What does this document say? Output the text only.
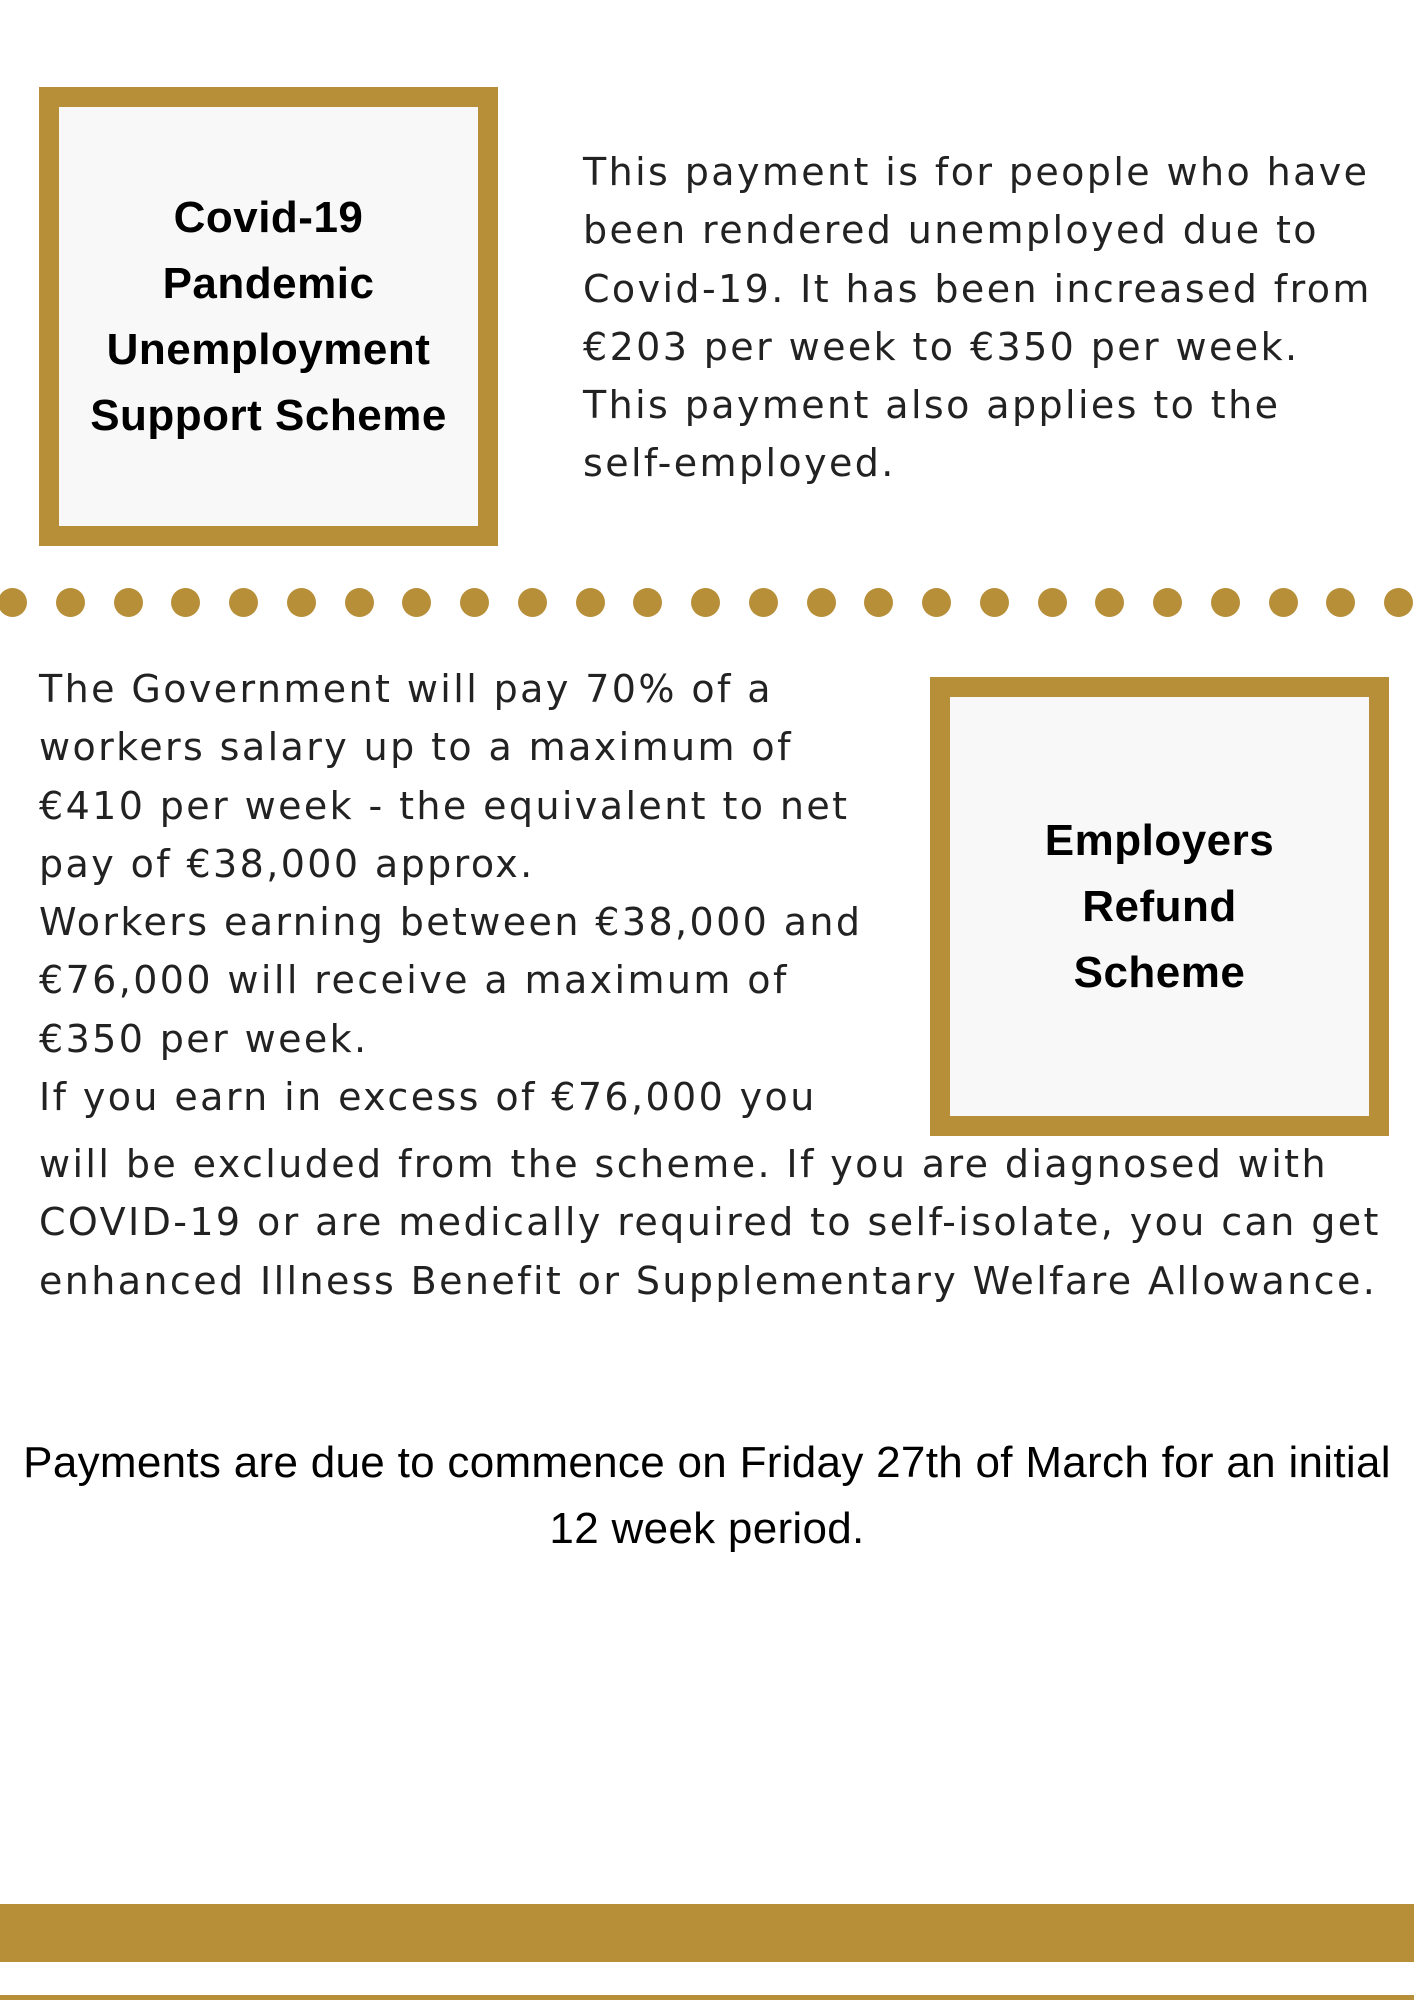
Covid-19 Pandemic Unemployment Support Scheme

This payment is for people who have been rendered unemployed due to Covid-19. It has been increased from €203 per week to €350 per week.

This payment also applies to the self-employed.

The Government will pay 70% of a workers salary up to a maximum of €410 per week - the equivalent to net pay of €38,000 approx.

Workers earning between €38,000 and €76,000 will receive a maximum of €350 per week.

If you earn in excess of €76,000 you

Employers Refund Scheme

will be excluded from the scheme. If you are diagnosed with COVID-19 or are medically required to self-isolate, you can get enhanced Illness Benefit or Supplementary Welfare Allowance.

Payments are due to commence on Friday 27th of March for an initial 12 week period.
